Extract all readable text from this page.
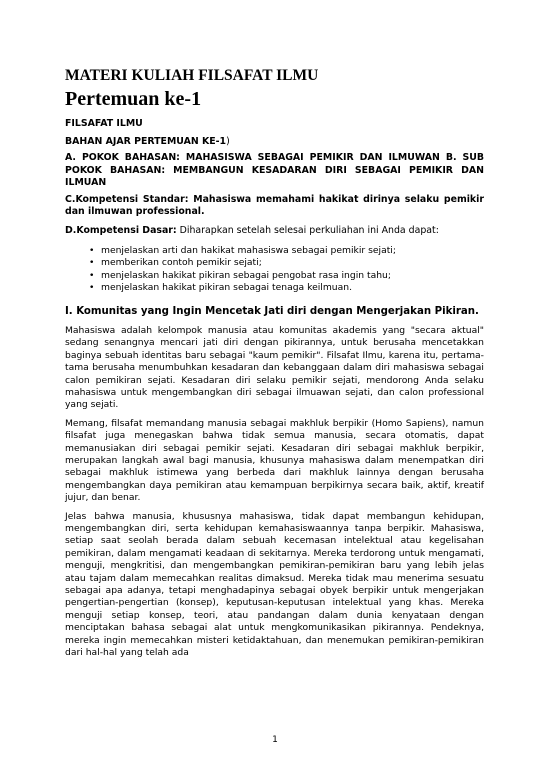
MATERI KULIAH FILSAFAT ILMU
Pertemuan ke-1
FILSAFAT ILMU
BAHAN AJAR PERTEMUAN KE-1)
A. POKOK BAHASAN: MAHASISWA SEBAGAI PEMIKIR DAN ILMUWAN B. SUB POKOK BAHASAN: MEMBANGUN KESADARAN DIRI SEBAGAI PEMIKIR DAN ILMUAN
C.Kompetensi Standar: Mahasiswa memahami hakikat dirinya selaku pemikir dan ilmuwan professional.
D.Kompetensi Dasar: Diharapkan setelah selesai perkuliahan ini Anda dapat:
• menjelaskan arti dan hakikat mahasiswa sebagai pemikir sejati;
• memberikan contoh pemikir sejati;
• menjelaskan hakikat pikiran sebagai pengobat rasa ingin tahu;
• menjelaskan hakikat pikiran sebagai tenaga keilmuan.
I. Komunitas yang Ingin Mencetak Jati diri dengan Mengerjakan Pikiran.

Mahasiswa adalah kelompok manusia atau komunitas akademis yang "secara aktual" sedang senangnya mencari jati diri dengan pikirannya, untuk berusaha mencetakkan baginya sebuah identitas baru sebagai "kaum pemikir". Filsafat Ilmu, karena itu, pertama-tama berusaha menumbuhkan kesadaran dan kebanggaan dalam diri mahasiswa sebagai calon pemikiran sejati. Kesadaran diri selaku pemikir sejati, mendorong Anda selaku mahasiswa untuk mengembangkan diri sebagai ilmuawan sejati, dan calon professional yang sejati.

Memang, filsafat memandang manusia sebagai makhluk berpikir (Homo Sapiens), namun filsafat juga menegaskan bahwa tidak semua manusia, secara otomatis, dapat memanusiakan diri sebagai pemikir sejati. Kesadaran diri sebagai makhluk berpikir, merupakan langkah awal bagi manusia, khusunya mahasiswa dalam menempatkan diri sebagai makhluk istimewa yang berbeda dari makhluk lainnya dengan berusaha mengembangkan daya pemikiran atau kemampuan berpikirnya secara baik, aktif, kreatif jujur, dan benar.

Jelas bahwa manusia, khususnya mahasiswa, tidak dapat membangun kehidupan, mengembangkan diri, serta kehidupan kemahasiswaannya tanpa berpikir. Mahasiswa, setiap saat seolah berada dalam sebuah kecemasan intelektual atau kegelisahan pemikiran, dalam mengamati keadaan di sekitarnya. Mereka terdorong untuk mengamati, menguji, mengkritisi, dan mengembangkan pemikiran-pemikiran baru yang lebih jelas atau tajam dalam memecahkan realitas dimaksud. Mereka tidak mau menerima sesuatu sebagai apa adanya, tetapi menghadapinya sebagai obyek berpikir untuk mengerjakan pengertian-pengertian (konsep), keputusan-keputusan intelektual yang khas. Mereka menguji setiap konsep, teori, atau pandangan dalam dunia kenyataan dengan menciptakan bahasa sebagai alat untuk mengkomunikasikan pikirannya. Pendeknya, mereka ingin memecahkan misteri ketidaktahuan, dan menemukan pemikiran-pemikiran dari hal-hal yang telah ada

1
